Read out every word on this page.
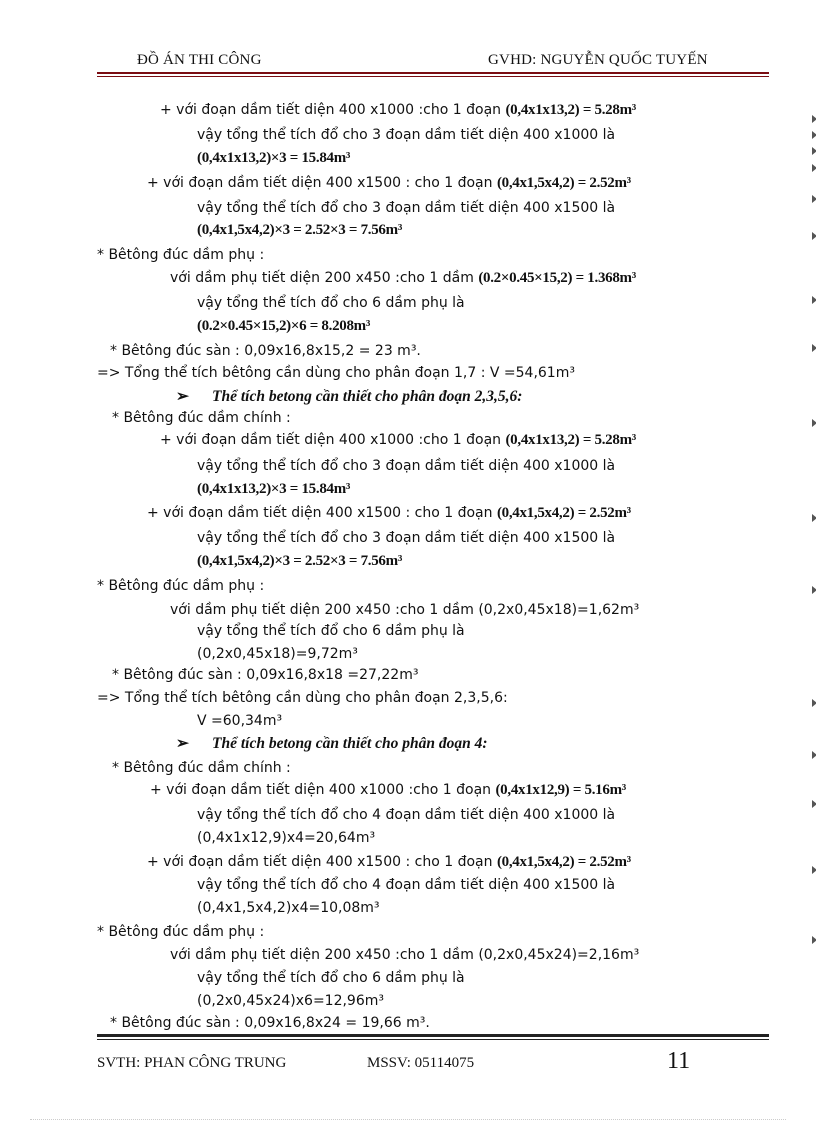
ĐỒ ÁN THI CÔNG	GVHD: NGUYỄN QUỐC TUYẾN
+ với đoạn dầm tiết diện 400 x1000 :cho 1 đoạn (0,4x1x13,2) = 5.28m³
vậy tổng thể tích đổ cho 3 đoạn dầm tiết diện 400 x1000 là
(0,4x1x13,2)×3 = 15.84m³
+ với đoạn dầm tiết diện 400 x1500 : cho 1 đoạn (0,4x1,5x4,2) = 2.52m³
vậy tổng thể tích đổ cho 3 đoạn dầm tiết diện 400 x1500 là
(0,4x1,5x4,2)×3 = 2.52×3 = 7.56m³
* Bêtông đúc dầm phụ :
với dầm phụ tiết diện 200 x450 :cho 1 dầm (0.2×0.45×15,2) = 1.368m³
vậy tổng thể tích đổ cho 6 dầm phụ là
(0.2×0.45×15,2)×6 = 8.208m³
* Bêtông đúc sàn : 0,09x16,8x15,2 = 23 m³.
=> Tổng thể tích bêtông cần dùng cho phân đoạn 1,7 : V =54,61m³
➢ Thể tích betong cần thiết cho phân đoạn 2,3,5,6:
* Bêtông đúc dầm chính :
+ với đoạn dầm tiết diện 400 x1000 :cho 1 đoạn (0,4x1x13,2) = 5.28m³
vậy tổng thể tích đổ cho 3 đoạn dầm tiết diện 400 x1000 là
(0,4x1x13,2)×3 = 15.84m³
+ với đoạn dầm tiết diện 400 x1500 : cho 1 đoạn (0,4x1,5x4,2) = 2.52m³
vậy tổng thể tích đổ cho 3 đoạn dầm tiết diện 400 x1500 là
(0,4x1,5x4,2)×3 = 2.52×3 = 7.56m³
* Bêtông đúc dầm phụ :
với dầm phụ tiết diện 200 x450 :cho 1 dầm (0,2x0,45x18)=1,62m³
vậy tổng thể tích đổ cho 6 dầm phụ là
(0,2x0,45x18)=9,72m³
* Bêtông đúc sàn : 0,09x16,8x18 =27,22m³
=> Tổng thể tích bêtông cần dùng cho phân đoạn 2,3,5,6:
V =60,34m³
➢ Thể tích betong cần thiết cho phân đoạn 4:
* Bêtông đúc dầm chính :
+ với đoạn dầm tiết diện 400 x1000 :cho 1 đoạn (0,4x1x12,9) = 5.16m³
vậy tổng thể tích đổ cho 4 đoạn dầm tiết diện 400 x1000 là
(0,4x1x12,9)x4=20,64m³
+ với đoạn dầm tiết diện 400 x1500 : cho 1 đoạn (0,4x1,5x4,2) = 2.52m³
vậy tổng thể tích đổ cho 4 đoạn dầm tiết diện 400 x1500 là
(0,4x1,5x4,2)x4=10,08m³
* Bêtông đúc dầm phụ :
với dầm phụ tiết diện 200 x450 :cho 1 dầm (0,2x0,45x24)=2,16m³
vậy tổng thể tích đổ cho 6 dầm phụ là
(0,2x0,45x24)x6=12,96m³
* Bêtông đúc sàn : 0,09x16,8x24 = 19,66 m³.
SVTH: PHAN CÔNG TRUNG	MSSV: 05114075	11
